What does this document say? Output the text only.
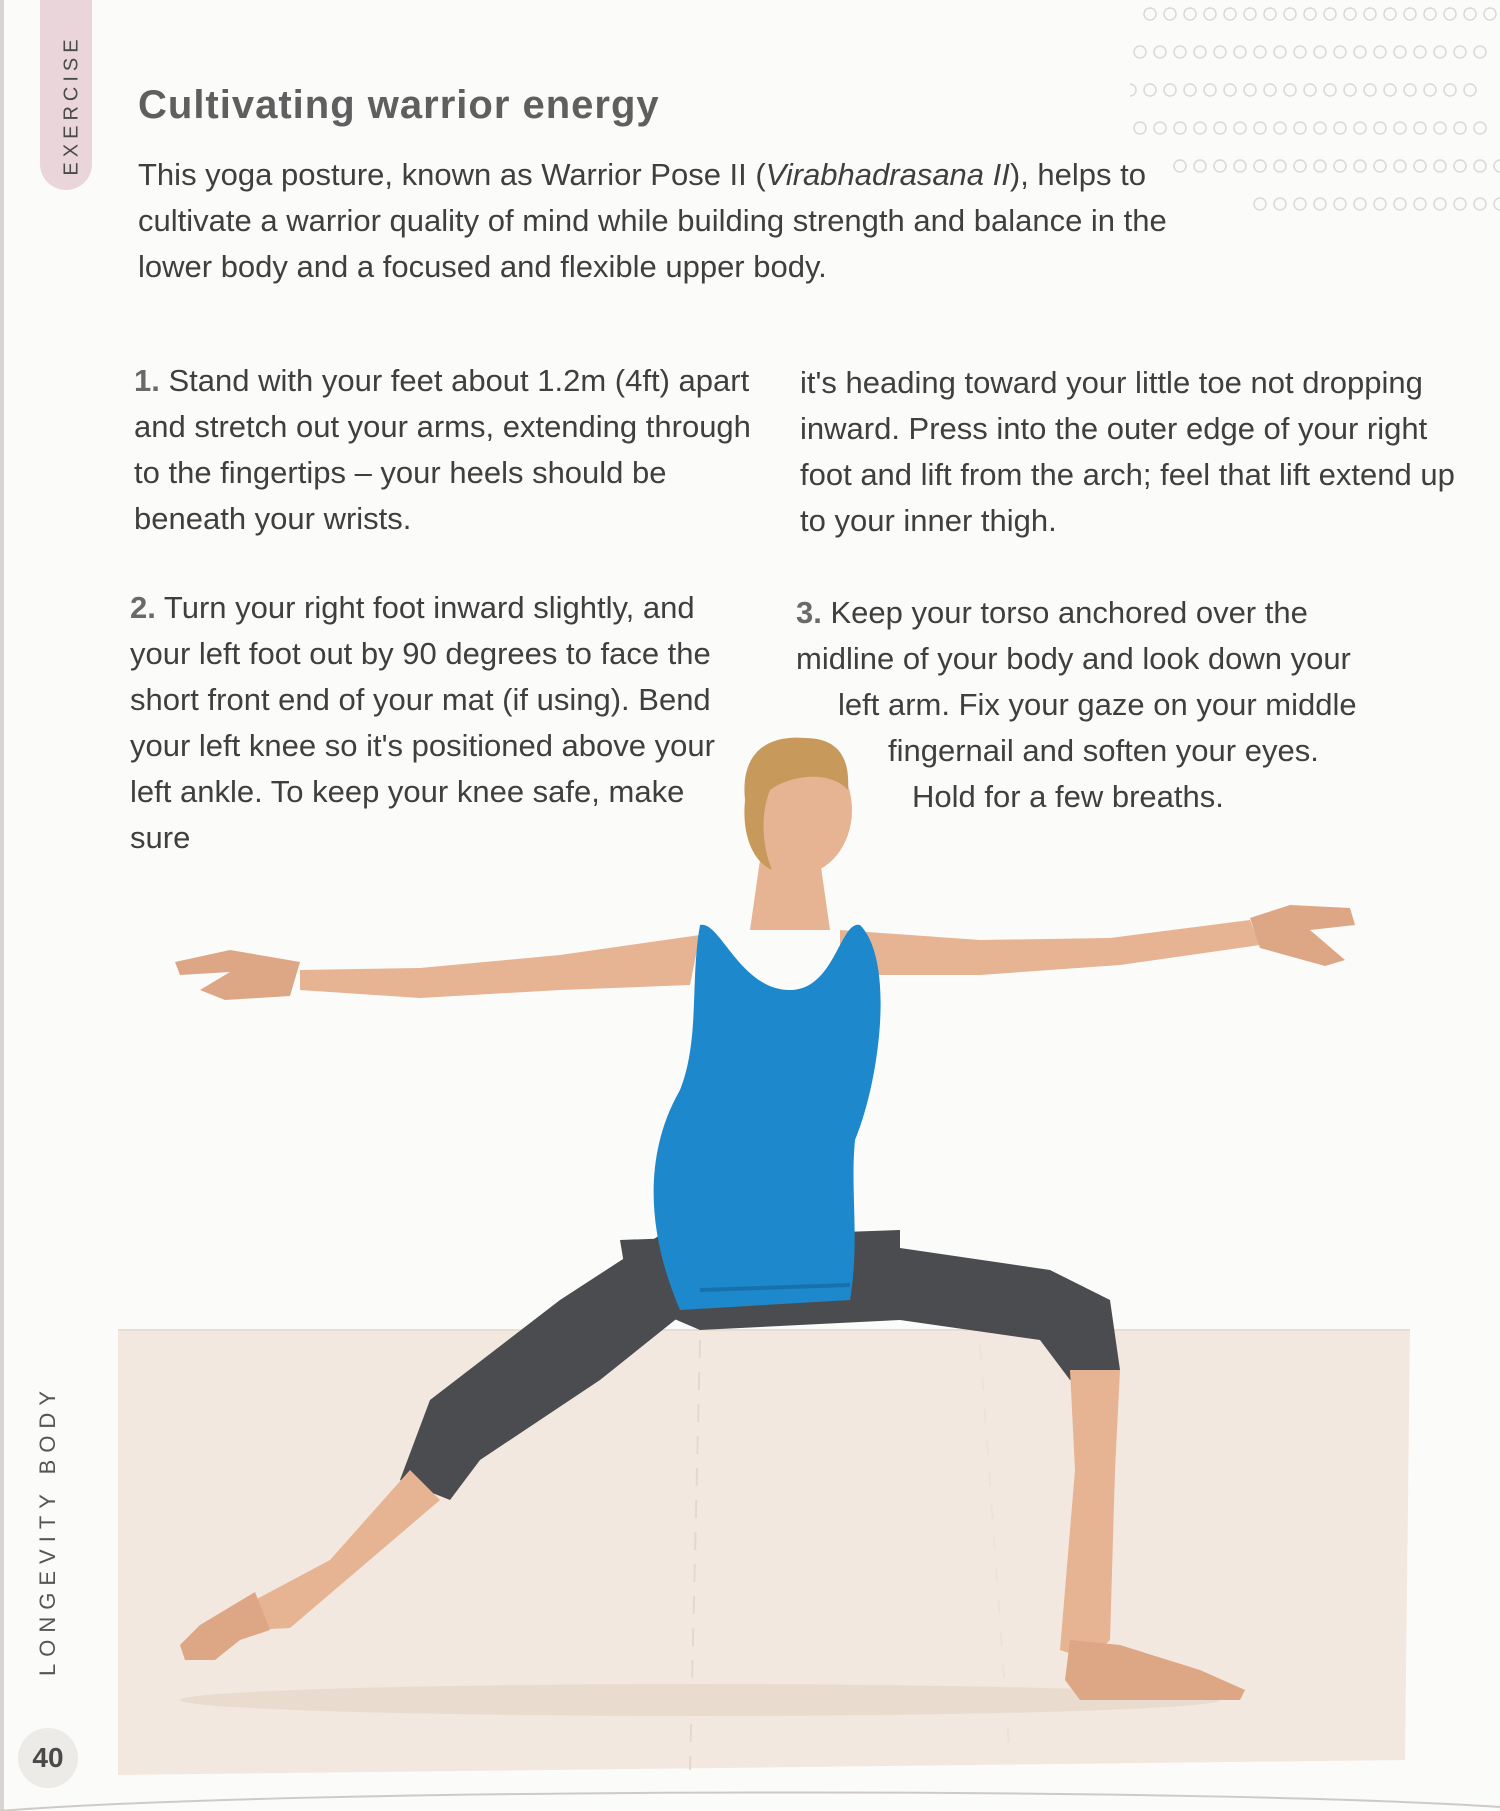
EXERCISE Cultivating warrior energy

This yoga posture, known as Warrior Pose II (Virabhadrasana II), helps to cultivate a warrior quality of mind while building strength and balance in the lower body and a focused and flexible upper body.

1. Stand with your feet about 1.2m (4ft) apart and stretch out your arms, extending through to the fingertips – your heels should be beneath your wrists.

2. Turn your right foot inward slightly, and your left foot out by 90 degrees to face the short front end of your mat (if using). Bend your left knee so it's positioned above your left ankle. To keep your knee safe, make sure

it's heading toward your little toe not dropping inward. Press into the outer edge of your right foot and lift from the arch; feel that lift extend up to your inner thigh.

3. Keep your torso anchored over the
midline of your body and look down your
left arm. Fix your gaze on your middle
fingernail and soften your eyes.
Hold for a few breaths.

LONGEVITY BODY
40
